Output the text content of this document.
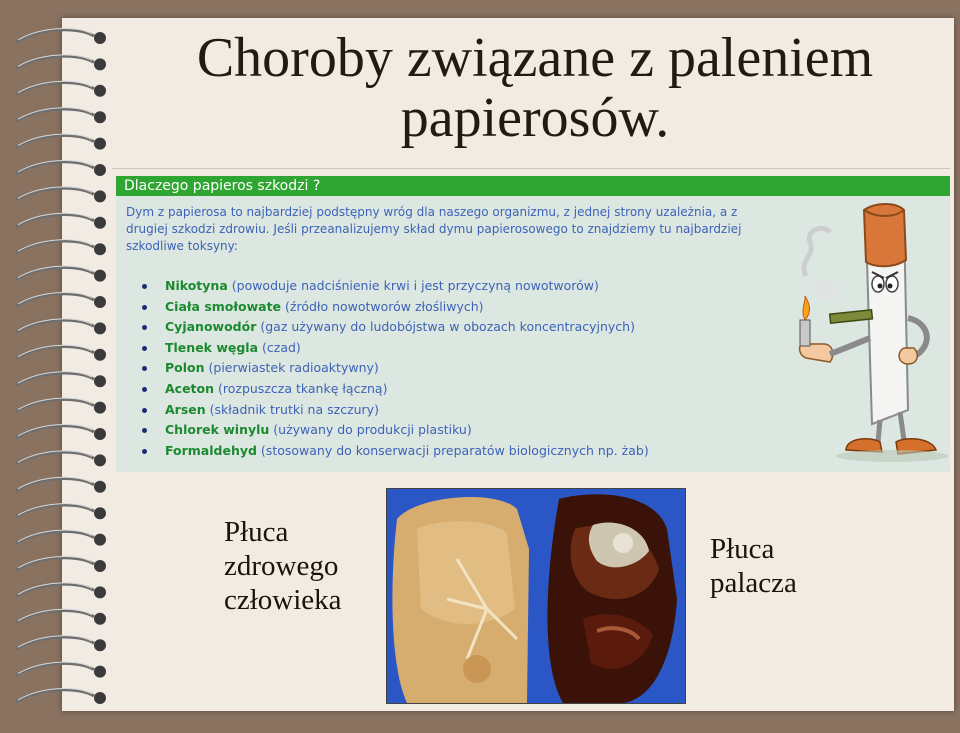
Choroby związane z paleniem
papierosów.
Dlaczego papieros szkodzi ?

Dym z papierosa to najbardziej podstępny wróg dla naszego organizmu, z jednej strony uzależnia, a z
drugiej szkodzi zdrowiu. Jeśli przeanalizujemy skład dymu papierosowego to znajdziemy tu najbardziej
szkodliwe toksyny:

Nikotyna (powoduje nadciśnienie krwi i jest przyczyną nowotworów)
Ciała smołowate (źródło nowotworów złośliwych)
Cyjanowodór (gaz używany do ludobójstwa w obozach koncentracyjnych)
Tlenek węgla (czad)
Polon (pierwiastek radioaktywny)
Aceton (rozpuszcza tkankę łączną)
Arsen (składnik trutki na szczury)
Chlorek winylu (używany do produkcji plastiku)
Formaldehyd (stosowany do konserwacji preparatów biologicznych np. żab)
Płuca
zdrowego
człowieka
Płuca
palacza
